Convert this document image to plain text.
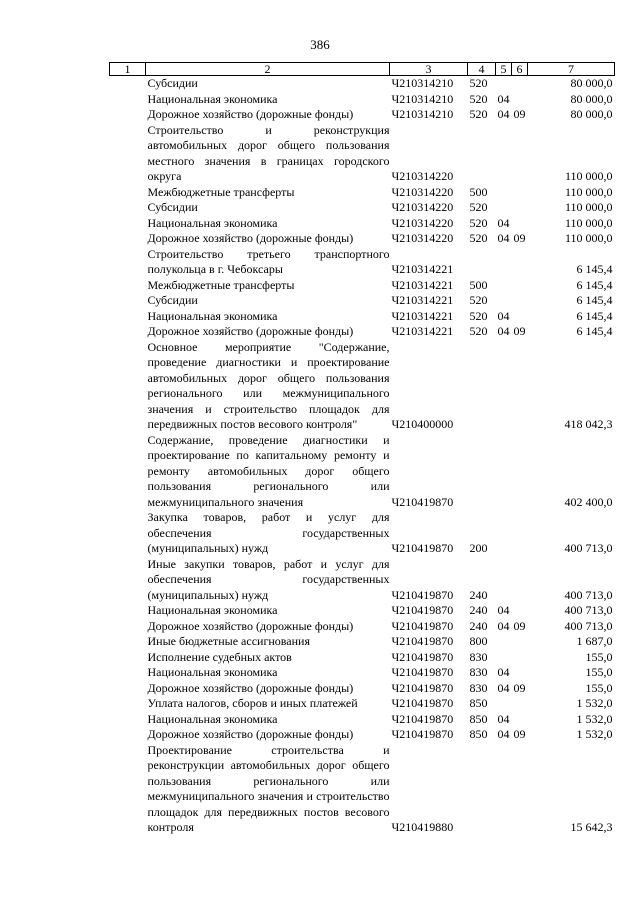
386
1	2	3	4	5	6	7
	Субсидии	Ч210314210	520			80 000,0
	Национальная экономика	Ч210314210	520	04		80 000,0
	Дорожное хозяйство (дорожные фонды)	Ч210314210	520	04	09	80 000,0
	Строительство и реконструкция автомобильных дорог общего пользования местного значения в границах городского округа	Ч210314220				110 000,0
	Межбюджетные трансферты	Ч210314220	500			110 000,0
	Субсидии	Ч210314220	520			110 000,0
	Национальная экономика	Ч210314220	520	04		110 000,0
	Дорожное хозяйство (дорожные фонды)	Ч210314220	520	04	09	110 000,0
	Строительство третьего транспортного полукольца в г. Чебоксары	Ч210314221				6 145,4
	Межбюджетные трансферты	Ч210314221	500			6 145,4
	Субсидии	Ч210314221	520			6 145,4
	Национальная экономика	Ч210314221	520	04		6 145,4
	Дорожное хозяйство (дорожные фонды)	Ч210314221	520	04	09	6 145,4
	Основное мероприятие "Содержание, проведение диагностики и проектирование автомобильных дорог общего пользования регионального или межмуниципального значения и строительство площадок для передвижных постов весового контроля"	Ч210400000				418 042,3
	Содержание, проведение диагностики и проектирование по капитальному ремонту и ремонту автомобильных дорог общего пользования регионального или межмуниципального значения	Ч210419870				402 400,0
	Закупка товаров, работ и услуг для обеспечения государственных (муниципальных) нужд	Ч210419870	200			400 713,0
	Иные закупки товаров, работ и услуг для обеспечения государственных (муниципальных) нужд	Ч210419870	240			400 713,0
	Национальная экономика	Ч210419870	240	04		400 713,0
	Дорожное хозяйство (дорожные фонды)	Ч210419870	240	04	09	400 713,0
	Иные бюджетные ассигнования	Ч210419870	800			1 687,0
	Исполнение судебных актов	Ч210419870	830			155,0
	Национальная экономика	Ч210419870	830	04		155,0
	Дорожное хозяйство (дорожные фонды)	Ч210419870	830	04	09	155,0
	Уплата налогов, сборов и иных платежей	Ч210419870	850			1 532,0
	Национальная экономика	Ч210419870	850	04		1 532,0
	Дорожное хозяйство (дорожные фонды)	Ч210419870	850	04	09	1 532,0
	Проектирование строительства и реконструкции автомобильных дорог общего пользования регионального или межмуниципального значения и строительство площадок для передвижных постов весового контроля	Ч210419880				15 642,3
